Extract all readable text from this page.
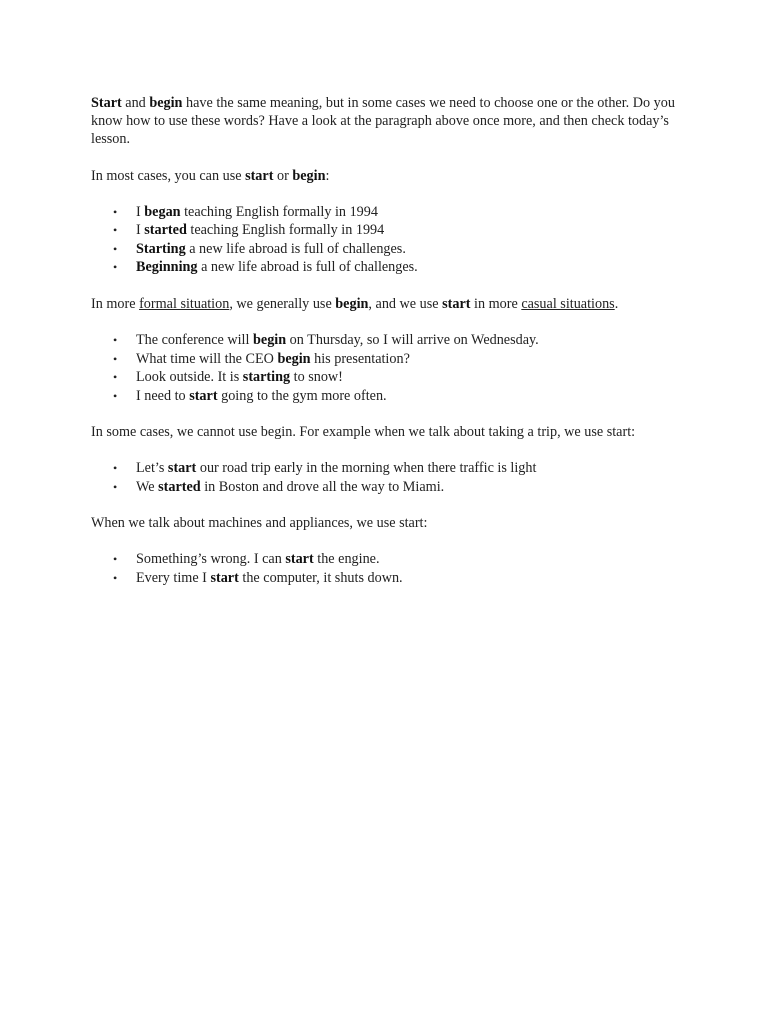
Start and begin have the same meaning, but in some cases we need to choose one or the other. Do you know how to use these words? Have a look at the paragraph above once more, and then check today’s lesson.

In most cases, you can use start or begin:

• I began teaching English formally in 1994
• I started teaching English formally in 1994
• Starting a new life abroad is full of challenges.
• Beginning a new life abroad is full of challenges.

In more formal situation, we generally use begin, and we use start in more casual situations.

• The conference will begin on Thursday, so I will arrive on Wednesday.
• What time will the CEO begin his presentation?
• Look outside. It is starting to snow!
• I need to start going to the gym more often.

In some cases, we cannot use begin. For example when we talk about taking a trip, we use start:

• Let’s start our road trip early in the morning when there traffic is light
• We started in Boston and drove all the way to Miami.

When we talk about machines and appliances, we use start:

• Something’s wrong. I can start the engine.
• Every time I start the computer, it shuts down.
